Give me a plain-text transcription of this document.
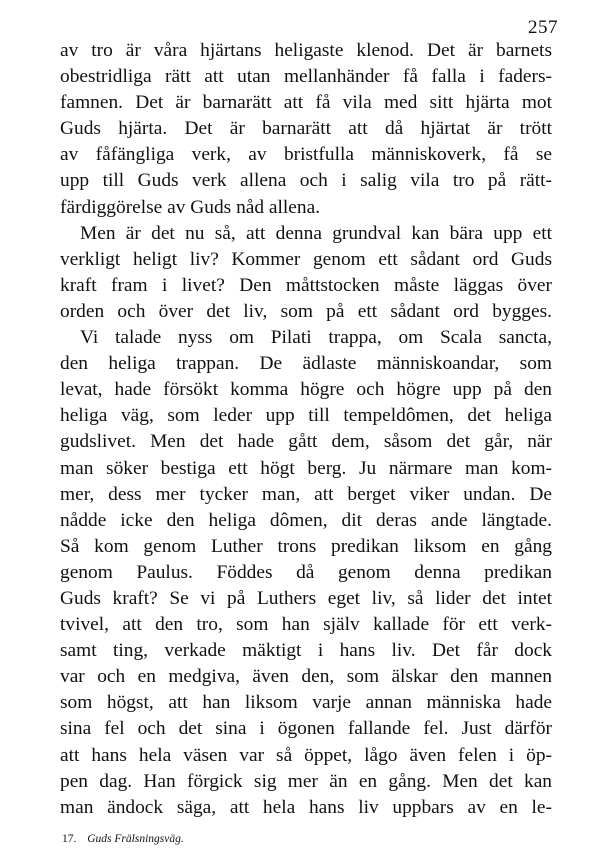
257
av tro är våra hjärtans heligaste klenod. Det är barnets
obestridliga rätt att utan mellanhänder få falla i faders-
famnen. Det är barnarätt att få vila med sitt hjärta mot
Guds hjärta. Det är barnarätt att då hjärtat är trött
av fåfängliga verk, av bristfulla människoverk, få se
upp till Guds verk allena och i salig vila tro på rätt-
färdiggörelse av Guds nåd allena.
Men är det nu så, att denna grundval kan bära upp ett
verkligt heligt liv? Kommer genom ett sådant ord Guds
kraft fram i livet? Den måttstocken måste läggas över
orden och över det liv, som på ett sådant ord bygges.
Vi talade nyss om Pilati trappa, om Scala sancta,
den heliga trappan. De ädlaste människoandar, som
levat, hade försökt komma högre och högre upp på den
heliga väg, som leder upp till tempeldômen, det heliga
gudslivet. Men det hade gått dem, såsom det går, när
man söker bestiga ett högt berg. Ju närmare man kom-
mer, dess mer tycker man, att berget viker undan. De
nådde icke den heliga dômen, dit deras ande längtade.
Så kom genom Luther trons predikan liksom en gång
genom Paulus. Föddes då genom denna predikan
Guds kraft? Se vi på Luthers eget liv, så lider det intet
tvivel, att den tro, som han själv kallade för ett verk-
samt ting, verkade mäktigt i hans liv. Det får dock
var och en medgiva, även den, som älskar den mannen
som högst, att han liksom varje annan människa hade
sina fel och det sina i ögonen fallande fel. Just därför
att hans hela väsen var så öppet, lågo även felen i öp-
pen dag. Han förgick sig mer än en gång. Men det kan
man ändock säga, att hela hans liv uppbars av en le-
17. Guds Frälsningsväg.
